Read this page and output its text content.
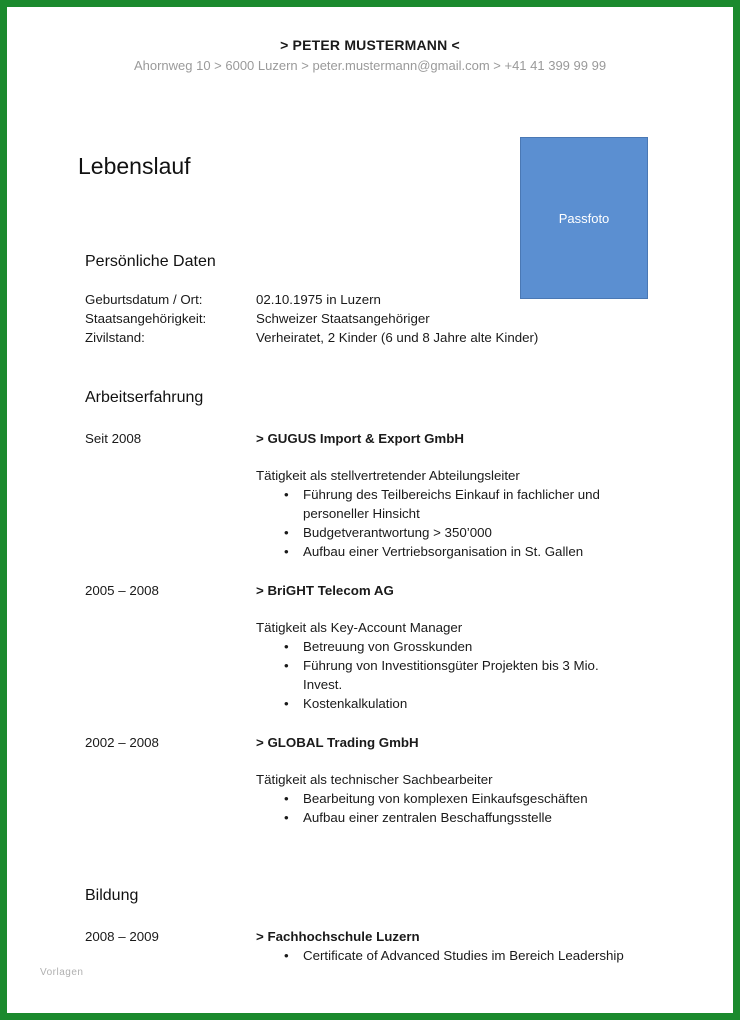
> PETER MUSTERMANN <
Ahornweg 10 > 6000 Luzern > peter.mustermann@gmail.com > +41 41 399 99 99
Lebenslauf
Passfoto
Persönliche Daten
Arbeitserfahrung
Bildung
Vorlagen
Geburtsdatum / Ort:	02.10.1975 in Luzern
Staatsangehörigkeit:	Schweizer Staatsangehöriger
Zivilstand:	Verheiratet, 2 Kinder (6 und 8 Jahre alte Kinder)
Seit 2008	> GUGUS Import & Export GmbH
Tätigkeit als stellvertretender Abteilungsleiter
• Führung des Teilbereichs Einkauf in fachlicher und
personeller Hinsicht
• Budgetverantwortung > 350’000
• Aufbau einer Vertriebsorganisation in St. Gallen
2005 – 2008	> BriGHT Telecom AG
Tätigkeit als Key-Account Manager
• Betreuung von Grosskunden
• Führung von Investitionsgüter Projekten bis 3 Mio.
Invest.
• Kostenkalkulation
2002 – 2008	> GLOBAL Trading GmbH
Tätigkeit als technischer Sachbearbeiter
• Bearbeitung von komplexen Einkaufsgeschäften
• Aufbau einer zentralen Beschaffungsstelle
2008 – 2009	> Fachhochschule Luzern
• Certificate of Advanced Studies im Bereich Leadership
